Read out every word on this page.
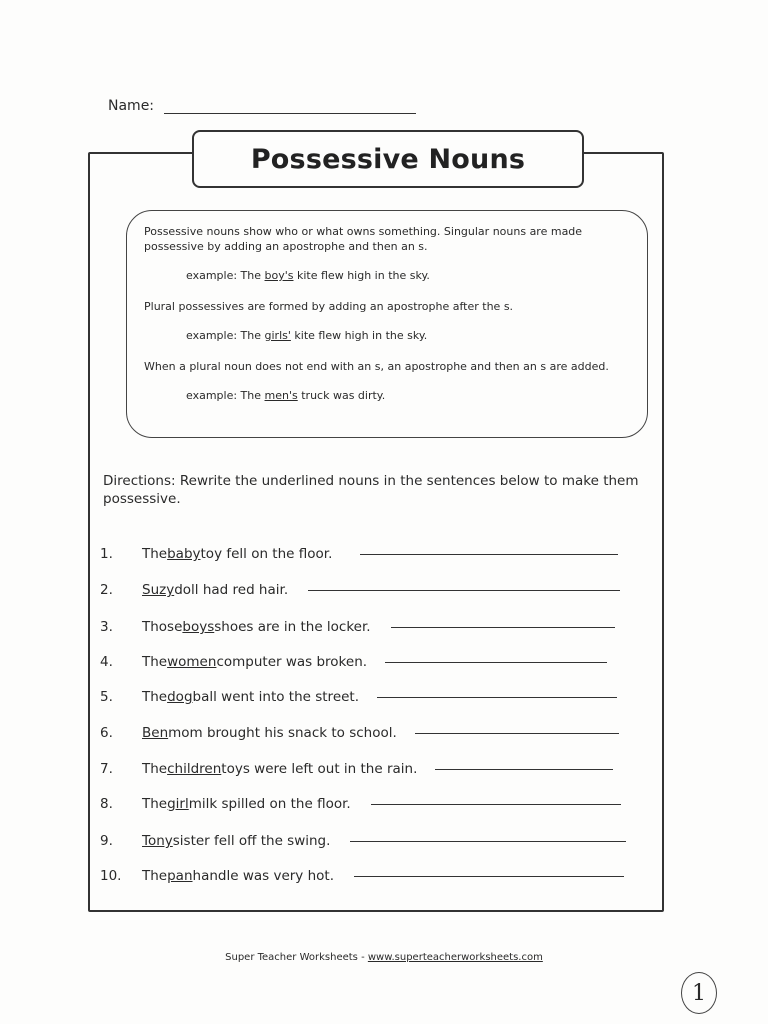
Name:
Possessive Nouns

Possessive nouns show who or what owns something. Singular nouns are made possessive by adding an apostrophe and then an s.

example: The boy's kite flew high in the sky.

Plural possessives are formed by adding an apostrophe after the s.

example: The girls' kite flew high in the sky.

When a plural noun does not end with an s, an apostrophe and then an s are added.

example: The men's truck was dirty.

Directions: Rewrite the underlined nouns in the sentences below to make them possessive.
1.	The baby toy fell on the floor.
2.	Suzy doll had red hair.
3.	Those boys shoes are in the locker.
4.	The women computer was broken.
5.	The dog ball went into the street.
6.	Ben mom brought his snack to school.
7.	The children toys were left out in the rain.
8.	The girl milk spilled on the floor.
9.	Tony sister fell off the swing.
10.	The pan handle was very hot.
Super Teacher Worksheets - www.superteacherworksheets.com
1
